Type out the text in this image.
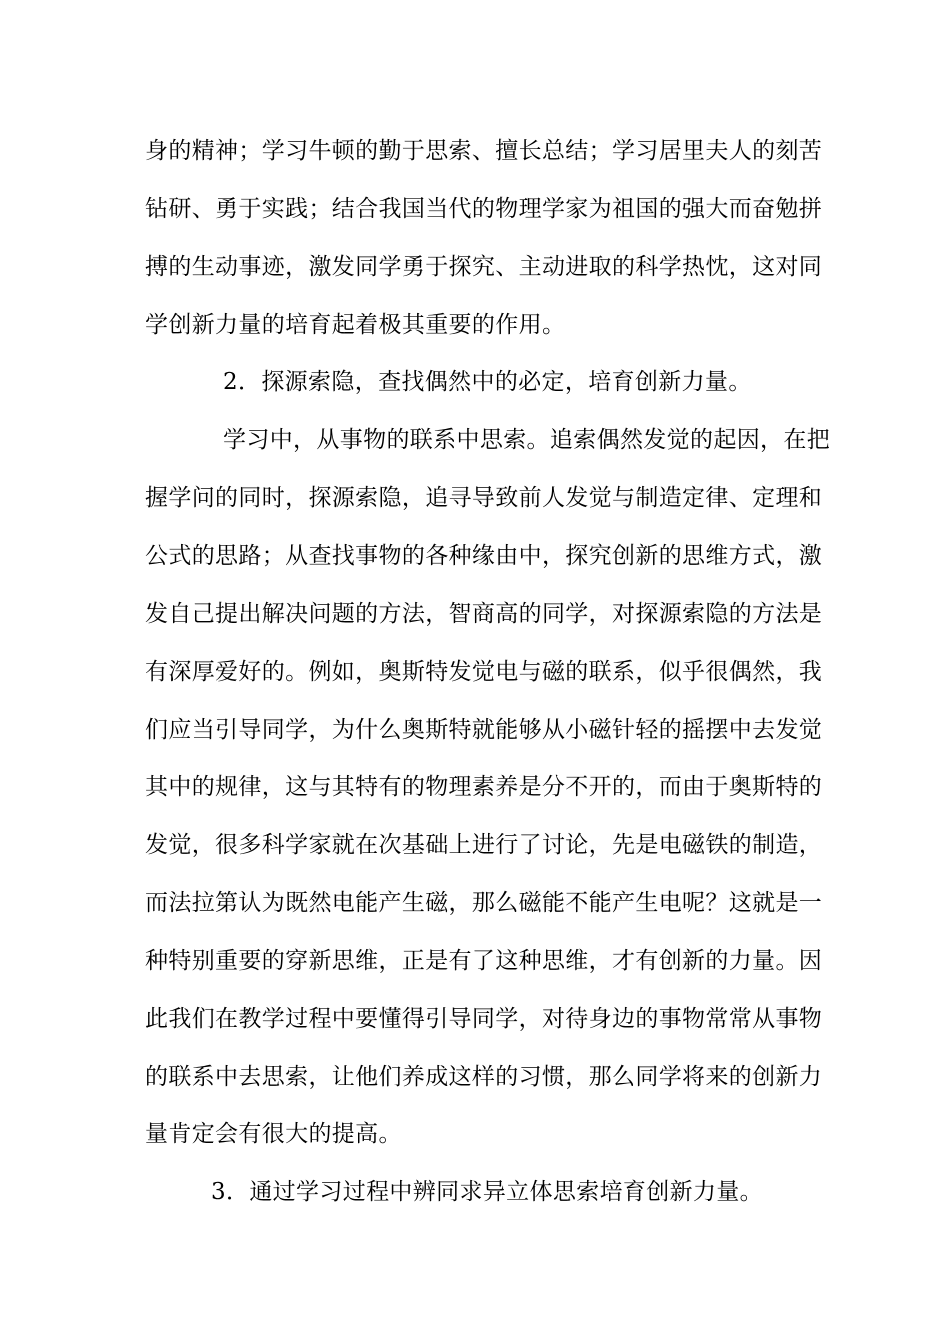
身的精神；学习牛顿的勤于思索、擅长总结；学习居里夫人的刻苦
钻研、勇于实践；结合我国当代的物理学家为祖国的强大而奋勉拼
搏的生动事迹，激发同学勇于探究、主动进取的科学热忱，这对同
学创新力量的培育起着极其重要的作用。
2．探源索隐，查找偶然中的必定，培育创新力量。
学习中，从事物的联系中思索。追索偶然发觉的起因，在把
握学问的同时，探源索隐，追寻导致前人发觉与制造定律、定理和
公式的思路；从查找事物的各种缘由中，探究创新的思维方式，激
发自己提出解决问题的方法，智商高的同学，对探源索隐的方法是
有深厚爱好的。例如，奥斯特发觉电与磁的联系，似乎很偶然，我
们应当引导同学，为什么奥斯特就能够从小磁针轻的摇摆中去发觉
其中的规律，这与其特有的物理素养是分不开的，而由于奥斯特的
发觉，很多科学家就在次基础上进行了讨论，先是电磁铁的制造，
而法拉第认为既然电能产生磁，那么磁能不能产生电呢？这就是一
种特别重要的穿新思维，正是有了这种思维，才有创新的力量。因
此我们在教学过程中要懂得引导同学，对待身边的事物常常从事物
的联系中去思索，让他们养成这样的习惯，那么同学将来的创新力
量肯定会有很大的提高。
3．通过学习过程中辨同求异立体思索培育创新力量。
